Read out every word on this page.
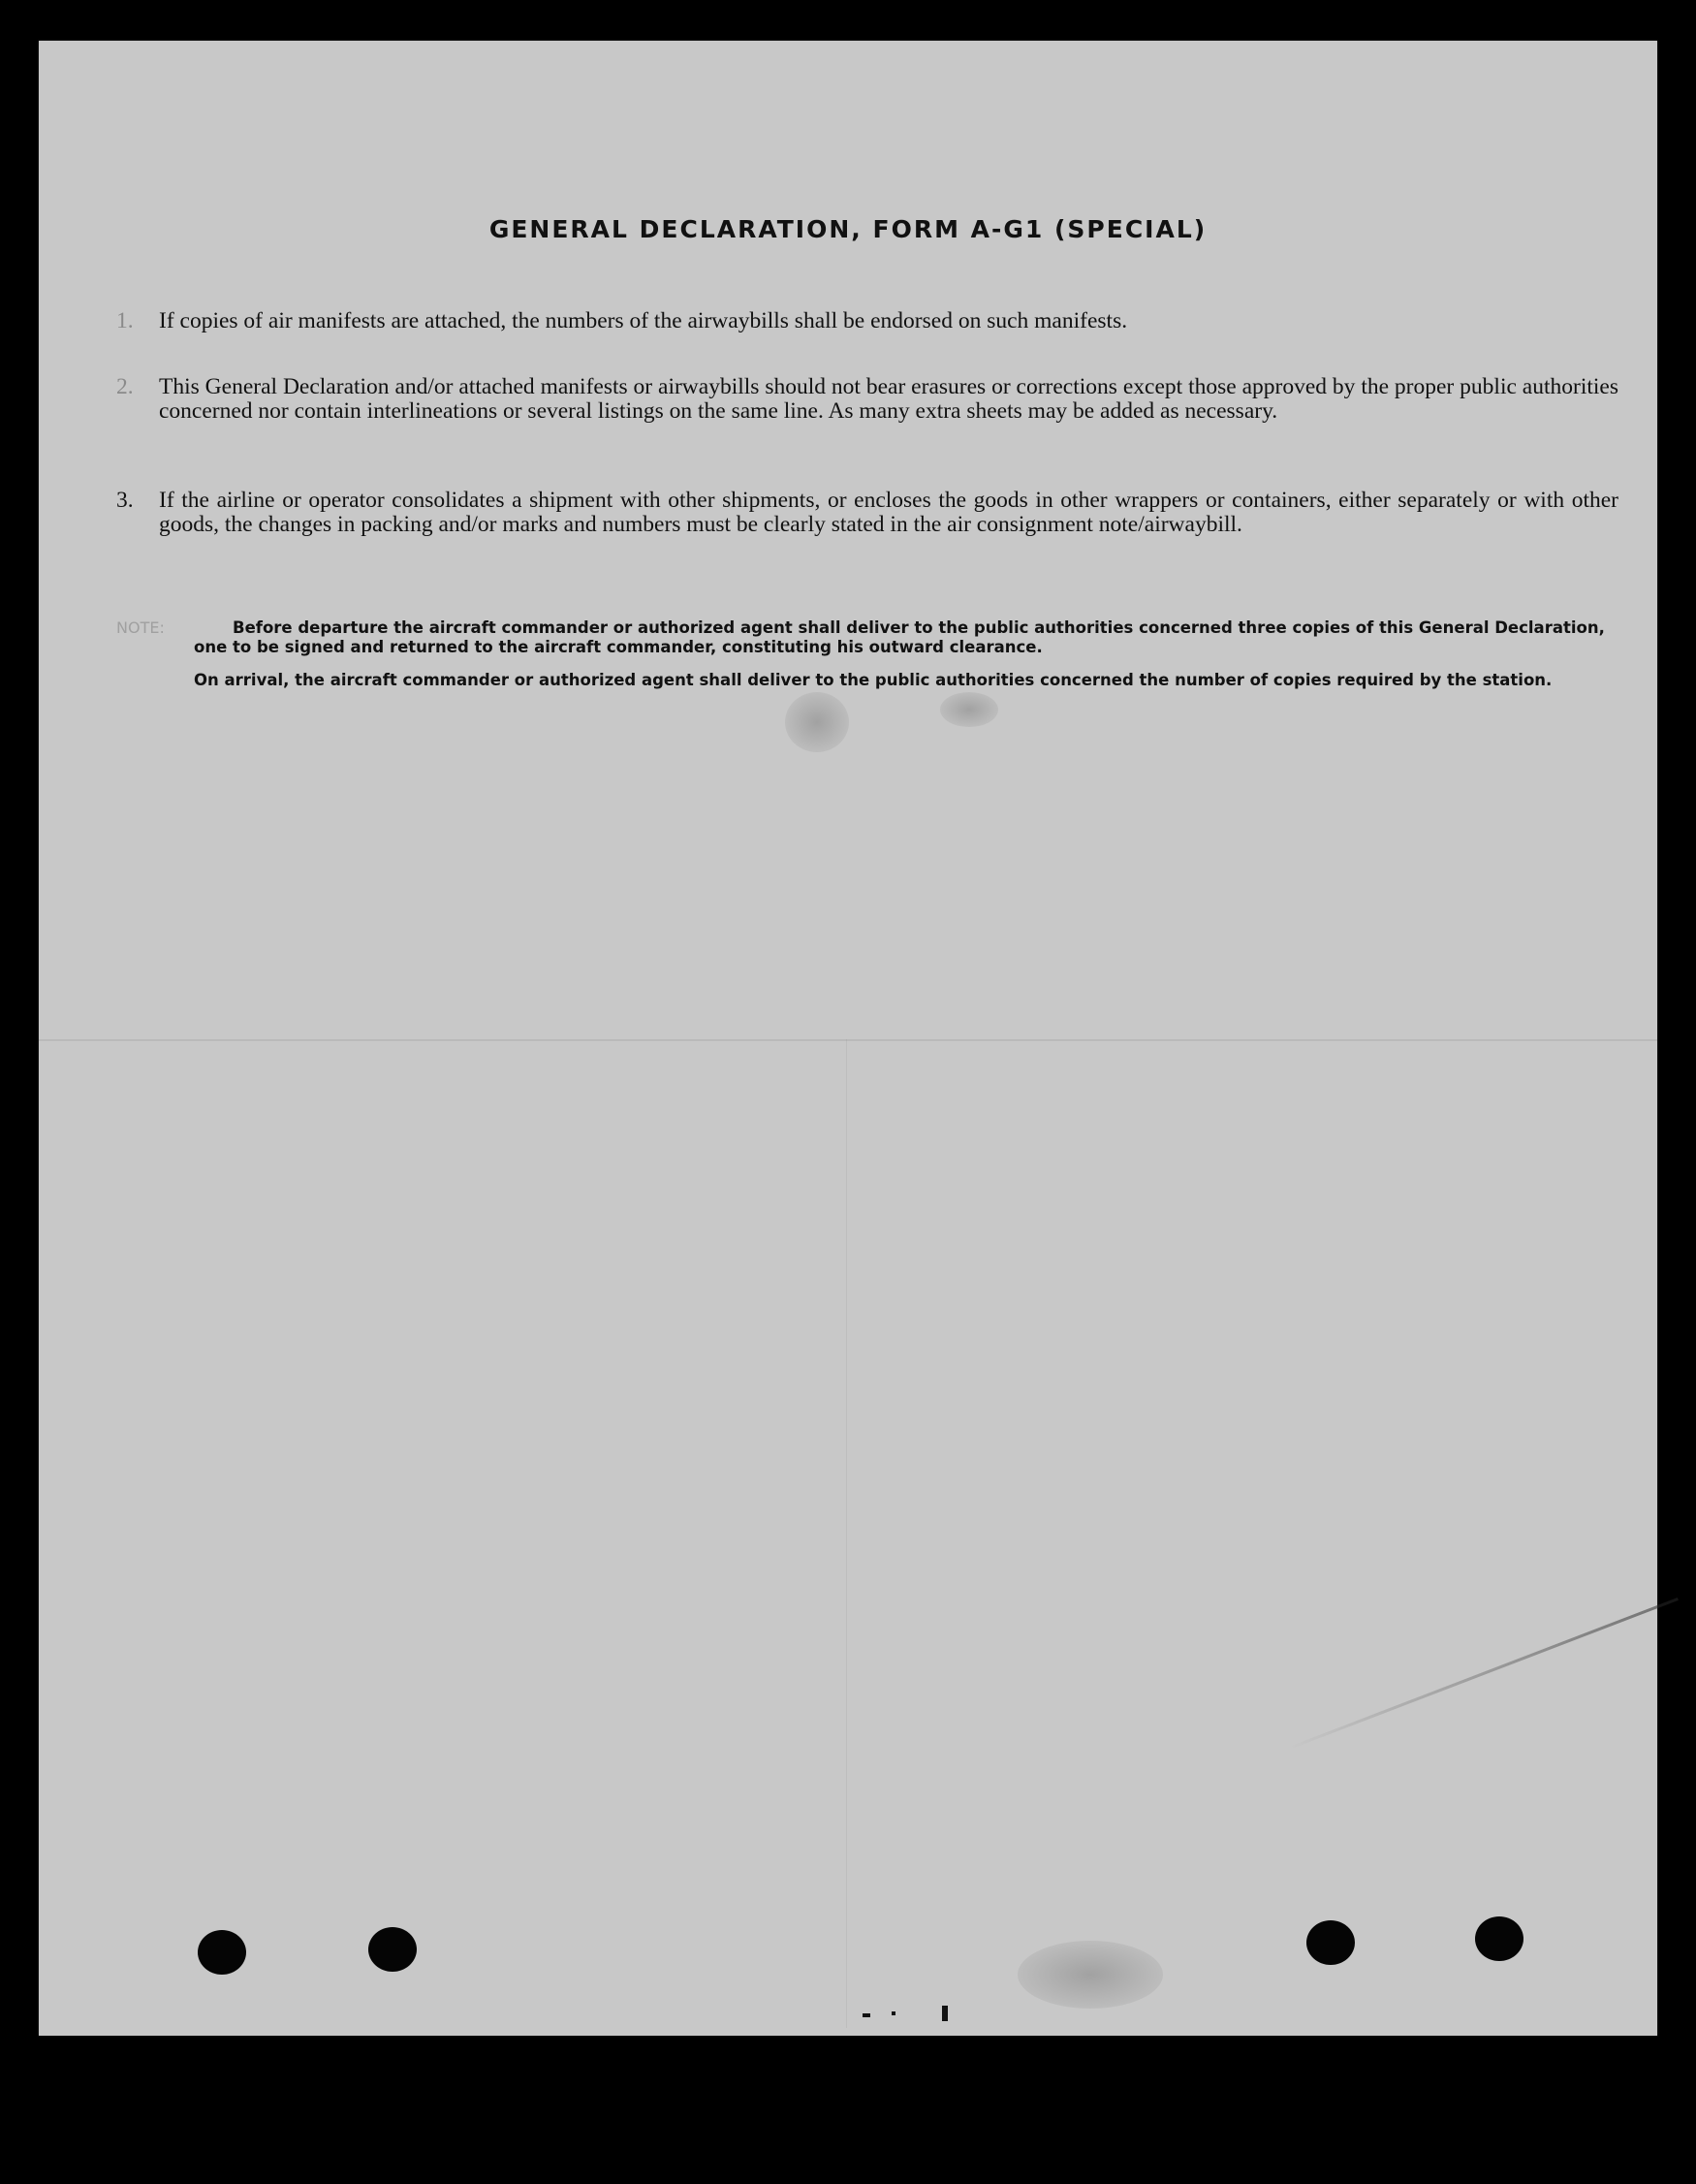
GENERAL DECLARATION, FORM A-G1 (SPECIAL)
1.	If copies of air manifests are attached, the numbers of the airwaybills shall be endorsed on such manifests.
2.	This General Declaration and/or attached manifests or airwaybills should not bear erasures or corrections except those approved by the proper public authorities concerned nor contain interlineations or several listings on the same line. As many extra sheets may be added as necessary.
3.	If the airline or operator consolidates a shipment with other shipments, or encloses the goods in other wrappers or containers, either separately or with other goods, the changes in packing and/or marks and numbers must be clearly stated in the air consignment note/airwaybill.
NOTE:	Before departure the aircraft commander or authorized agent shall deliver to the public authorities concerned three copies of this General Declaration, one to be signed and returned to the aircraft commander, constituting his outward clearance.
On arrival, the aircraft commander or authorized agent shall deliver to the public authorities concerned the number of copies required by the station.
